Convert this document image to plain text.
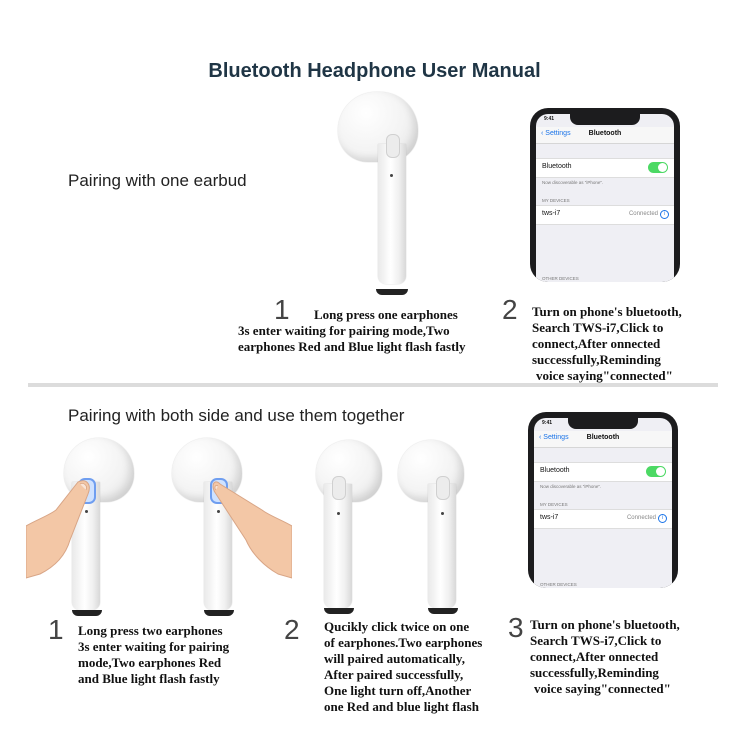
Bluetooth Headphone User Manual
Pairing with one earbud
1	Long press one earphones
3s enter waiting for pairing mode,Two
earphones Red and Blue light flash fastly
2 Turn on phone's bluetooth,
Search TWS-i7,Click to
connect,After onnected
successfully,Reminding
voice saying"connected"
9:41
‹ Settings	Bluetooth
Bluetooth
Now discoverable as "iPhone".
MY DEVICES
tws-i7	Connected	i
OTHER DEVICES
Pairing with both side and use them together
1 Long press two earphones
3s enter waiting for pairing
mode,Two earphones Red
and Blue light flash fastly
2 Qucikly click twice on one
of earphones.Two earphones
will paired automatically,
After paired successfully,
One light turn off,Another
one Red and blue light flash
3 Turn on phone's bluetooth,
Search TWS-i7,Click to
connect,After onnected
successfully,Reminding
voice saying"connected"
9:41
‹ Settings	Bluetooth
Bluetooth
Now discoverable as "iPhone".
MY DEVICES
tws-i7	Connected	i
OTHER DEVICES
